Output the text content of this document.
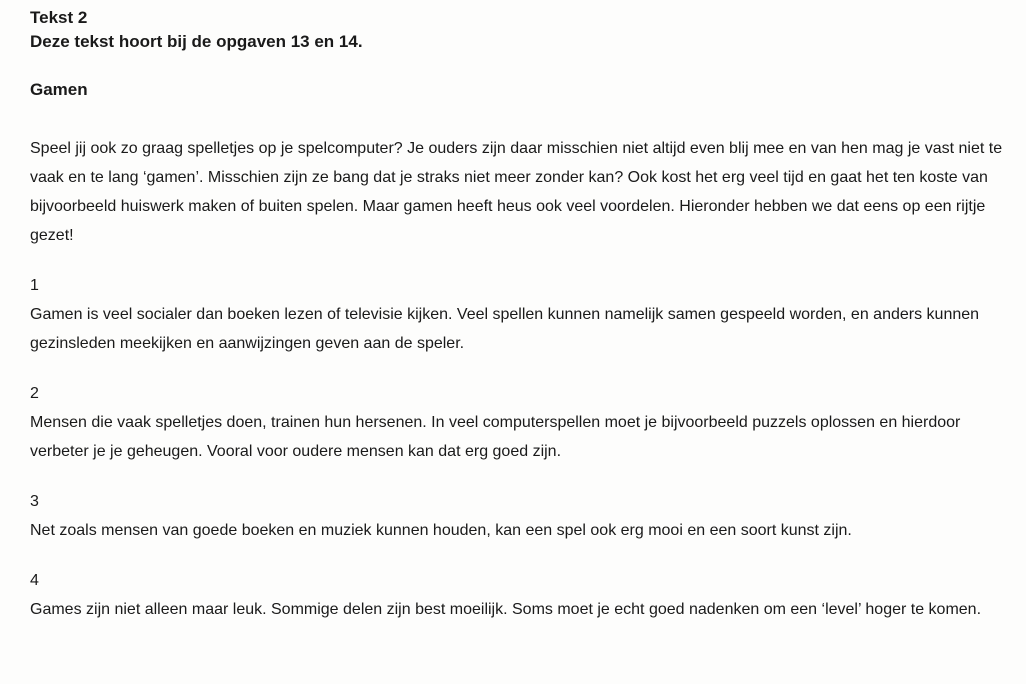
Tekst 2

Deze tekst hoort bij de opgaven 13 en 14.

Gamen

Speel jij ook zo graag spelletjes op je spelcomputer? Je ouders zijn daar misschien niet altijd even blij mee en van hen mag je vast niet te vaak en te lang ‘gamen’. Misschien zijn ze bang dat je straks niet meer zonder kan? Ook kost het erg veel tijd en gaat het ten koste van bijvoorbeeld huiswerk maken of buiten spelen. Maar gamen heeft heus ook veel voordelen. Hieronder hebben we dat eens op een rijtje gezet!

1

Gamen is veel socialer dan boeken lezen of televisie kijken. Veel spellen kunnen namelijk samen gespeeld worden, en anders kunnen gezinsleden meekijken en aanwijzingen geven aan de speler.

2

Mensen die vaak spelletjes doen, trainen hun hersenen. In veel computerspellen moet je bijvoorbeeld puzzels oplossen en hierdoor verbeter je je geheugen. Vooral voor oudere mensen kan dat erg goed zijn.

3

Net zoals mensen van goede boeken en muziek kunnen houden, kan een spel ook erg mooi en een soort kunst zijn.

4

Games zijn niet alleen maar leuk. Sommige delen zijn best moeilijk. Soms moet je echt goed nadenken om een ‘level’ hoger te komen.
